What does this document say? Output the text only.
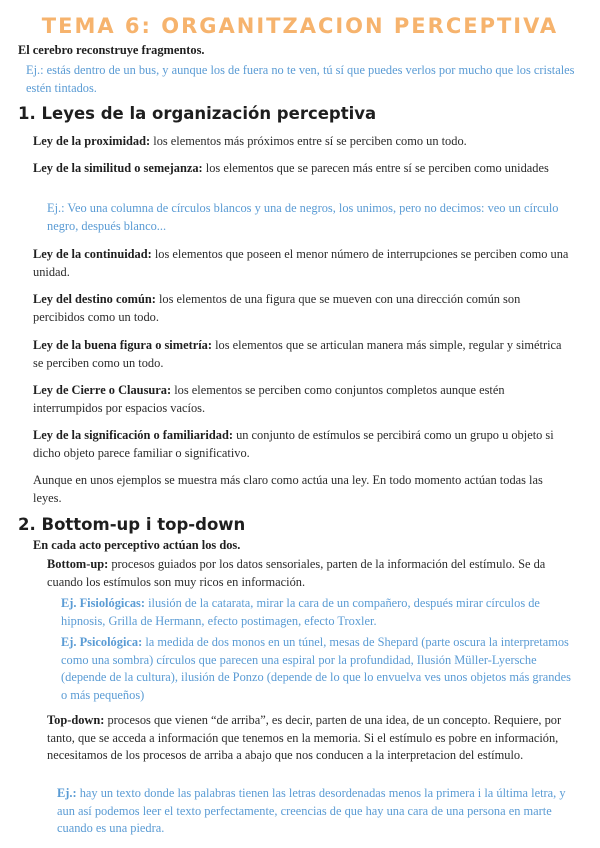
TEMA 6: ORGANITZACION PERCEPTIVA
El cerebro reconstruye fragmentos.
Ej.: estás dentro de un bus, y aunque los de fuera no te ven, tú sí que puedes verlos por mucho que los cristales estén tintados.
1. Leyes de la organización perceptiva
Ley de la proximidad: los elementos más próximos entre sí se perciben como un todo.
Ley de la similitud o semejanza: los elementos que se parecen más entre sí se perciben como unidades
Ej.: Veo una columna de círculos blancos y una de negros, los unimos, pero no decimos: veo un círculo negro, después blanco...
Ley de la continuidad: los elementos que poseen el menor número de interrupciones se perciben como una unidad.
Ley del destino común: los elementos de una figura que se mueven con una dirección común son percibidos como un todo.
Ley de la buena figura o simetría: los elementos que se articulan manera más simple, regular y simétrica se perciben como un todo.
Ley de Cierre o Clausura: los elementos se perciben como conjuntos completos aunque estén interrumpidos por espacios vacíos.
Ley de la significación o familiaridad: un conjunto de estímulos se percibirá como un grupo u objeto si dicho objeto parece familiar o significativo.
Aunque en unos ejemplos se muestra más claro como actúa una ley. En todo momento actúan todas las leyes.
2. Bottom-up i top-down
En cada acto perceptivo actúan los dos.
Bottom-up: procesos guiados por los datos sensoriales, parten de la información del estímulo. Se da cuando los estímulos son muy ricos en información.
Ej. Fisiológicas: ilusión de la catarata, mirar la cara de un compañero, después mirar círculos de hipnosis, Grilla de Hermann, efecto postimagen, efecto Troxler.
Ej. Psicológica: la medida de dos monos en un túnel, mesas de Shepard (parte oscura la interpretamos como una sombra) círculos que parecen una espiral por la profundidad, Ilusión Müller-Lyersche (depende de la cultura), ilusión de Ponzo (depende de lo que lo envuelva ves unos objetos más grandes o más pequeños)
Top-down: procesos que vienen “de arriba”, es decir, parten de una idea, de un concepto. Requiere, por tanto, que se acceda a información que tenemos en la memoria. Si el estímulo es pobre en información, necesitamos de los procesos de arriba a abajo que nos conducen a la interpretacion del estímulo.
Ej.: hay un texto donde las palabras tienen las letras desordenadas menos la primera i la última letra, y aun así podemos leer el texto perfectamente, creencias de que hay una cara de una persona en marte cuando es una piedra.
